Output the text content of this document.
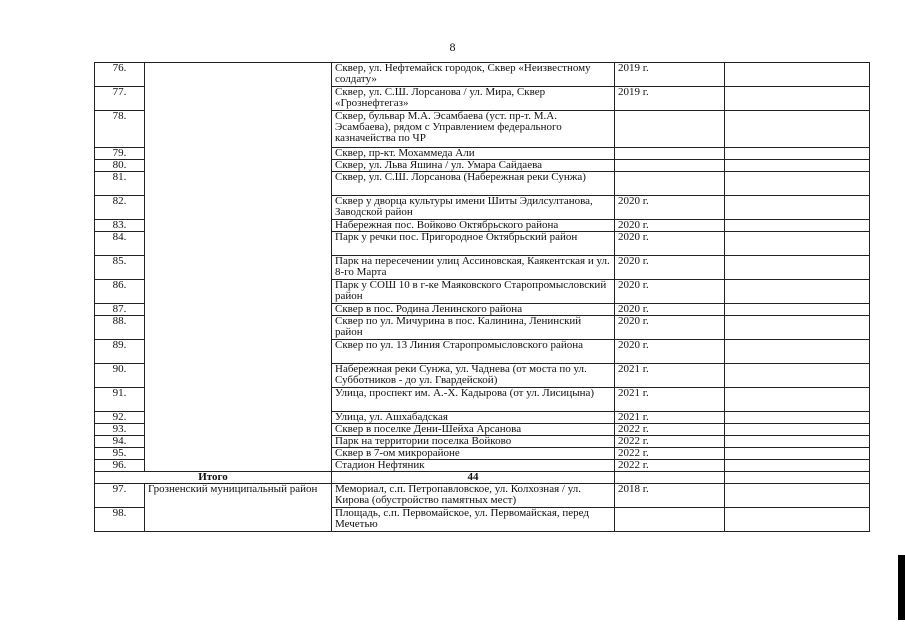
8
76.		Сквер, ул. Нефтемайск городок, Сквер «Неизвестному солдату»	2019 г.	
77.		Сквер, ул. С.Ш. Лорсанова / ул. Мира, Сквер «Грознефтегаз»	2019 г.	
78.		Сквер, бульвар М.А. Эсамбаева (уст. пр-т. М.А. Эсамбаева), рядом с Управлением федерального казначейства по ЧР		
79.		Сквер, пр-кт. Мохаммеда Али		
80.		Сквер, ул. Льва Яшина / ул. Умара Сайдаева		
81.		Сквер, ул. С.Ш. Лорсанова (Набережная реки Сунжа)		
82.		Сквер у дворца культуры имени Шиты Эдилсултанова, Заводской район	2020 г.	
83.		Набережная пос. Войково Октябрьского района	2020 г.	
84.		Парк у речки пос. Пригородное Октябрьский район	2020 г.	
85.		Парк на пересечении улиц Ассиновская, Каякентская и ул. 8-го Марта	2020 г.	
86.		Парк у СОШ 10 в г-ке Маяковского Старопромысловский район	2020 г.	
87.		Сквер в пос. Родина Ленинского района	2020 г.	
88.		Сквер по ул. Мичурина в пос. Калинина, Ленинский район	2020 г.	
89.		Сквер по ул. 13 Линия Старопромысловского района	2020 г.	
90.		Набережная реки Сунжа, ул. Чаднева (от моста по ул. Субботников - до ул. Гвардейской)	2021 г.	
91.		Улица, проспект им. А.-Х. Кадырова (от ул. Лисицына)	2021 г.	
92.		Улица, ул. Ашхабадская	2021 г.	
93.		Сквер в поселке Дени-Шейха Арсанова	2022 г.	
94.		Парк на территории поселка Войково	2022 г.	
95.		Сквер в 7-ом микрорайоне	2022 г.	
96.		Стадион Нефтяник	2022 г.	
Итого		44		
97.	Грозненский муниципальный район	Мемориал, с.п. Петропавловское, ул. Колхозная / ул. Кирова (обустройство памятных мест)	2018 г.	
98.		Площадь, с.п. Первомайское, ул. Первомайская, перед Мечетью		
